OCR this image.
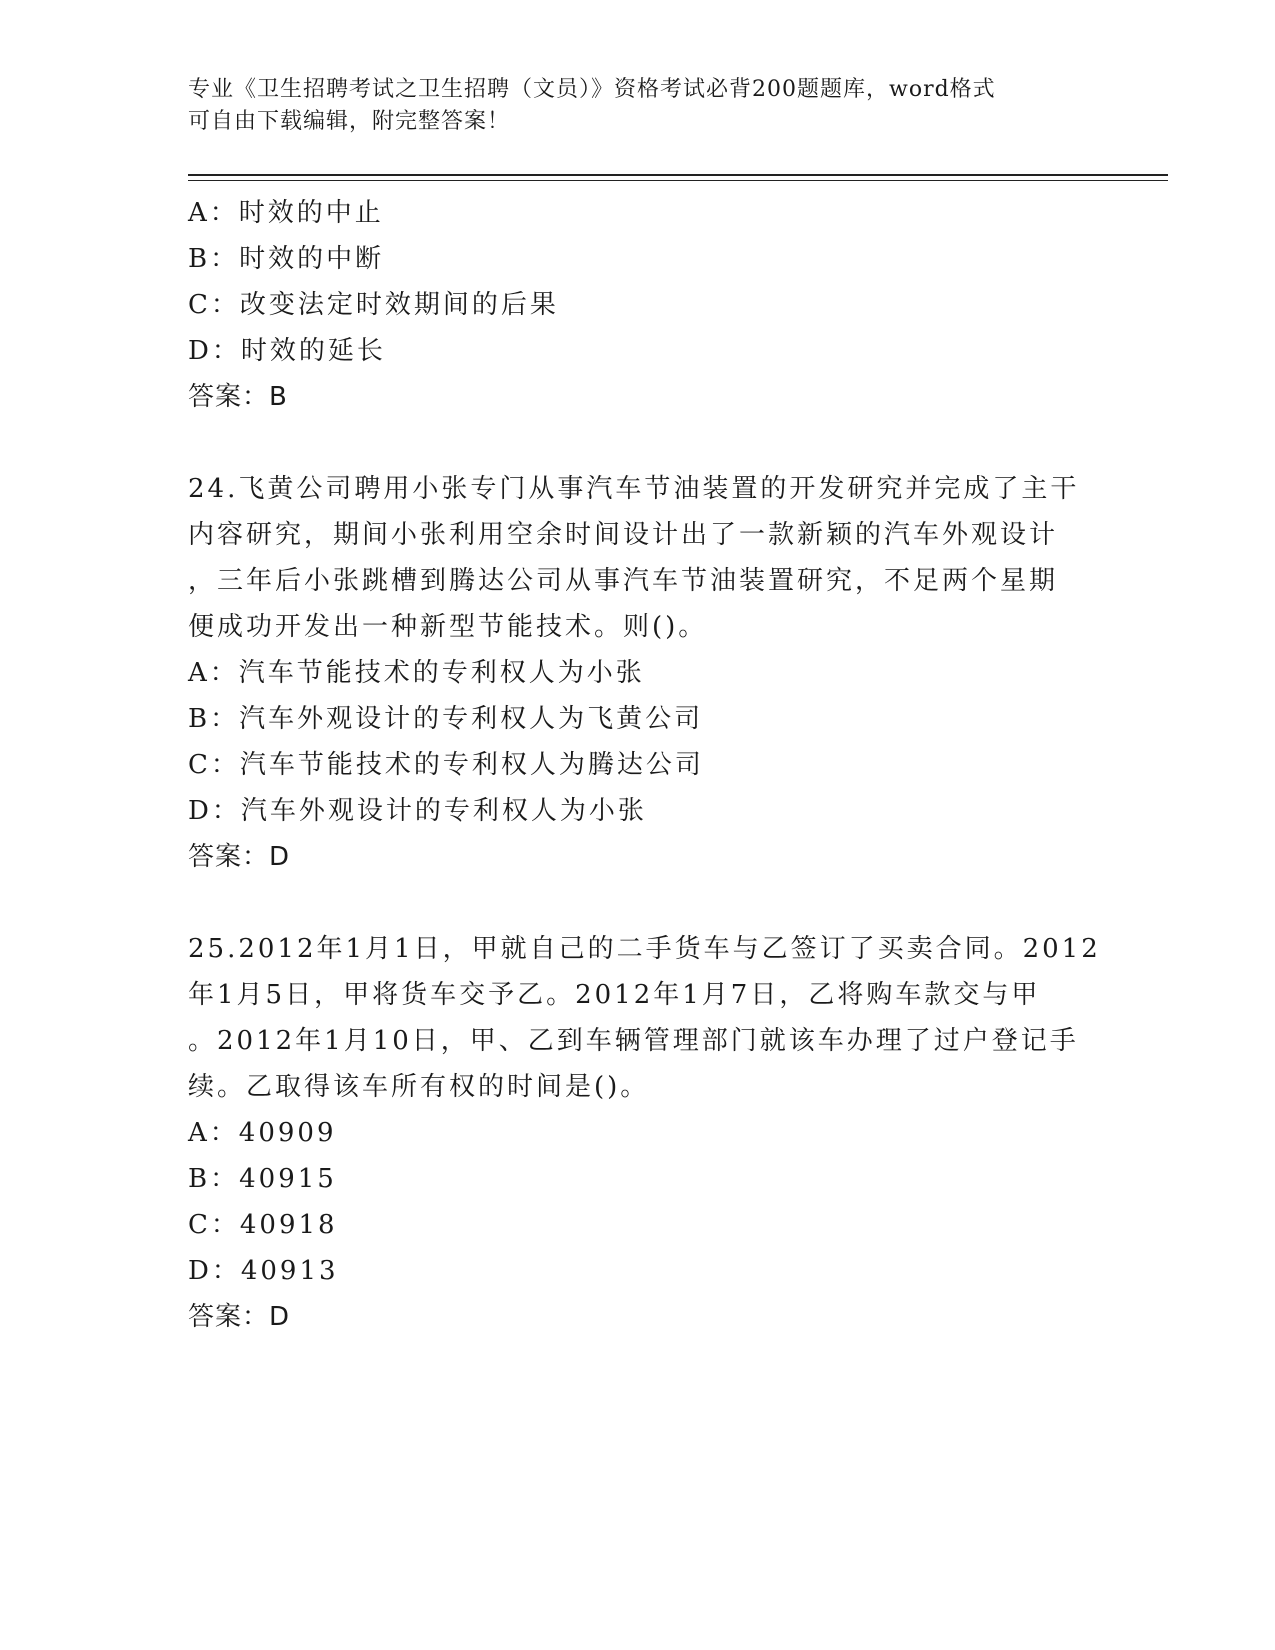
专业《卫生招聘考试之卫生招聘（文员）》资格考试必背200题题库，word格式
可自由下载编辑，附完整答案！
A：时效的中止
B：时效的中断
C：改变法定时效期间的后果
D：时效的延长
答案：B
24.飞黄公司聘用小张专门从事汽车节油装置的开发研究并完成了主干
内容研究，期间小张利用空余时间设计出了一款新颖的汽车外观设计
，三年后小张跳槽到腾达公司从事汽车节油装置研究，不足两个星期
便成功开发出一种新型节能技术。则()。
A：汽车节能技术的专利权人为小张
B：汽车外观设计的专利权人为飞黄公司
C：汽车节能技术的专利权人为腾达公司
D：汽车外观设计的专利权人为小张
答案：D
25.2012年1月1日，甲就自己的二手货车与乙签订了买卖合同。2012
年1月5日，甲将货车交予乙。2012年1月7日，乙将购车款交与甲
。2012年1月10日，甲、乙到车辆管理部门就该车办理了过户登记手
续。乙取得该车所有权的时间是()。
A：40909
B：40915
C：40918
D：40913
答案：D
